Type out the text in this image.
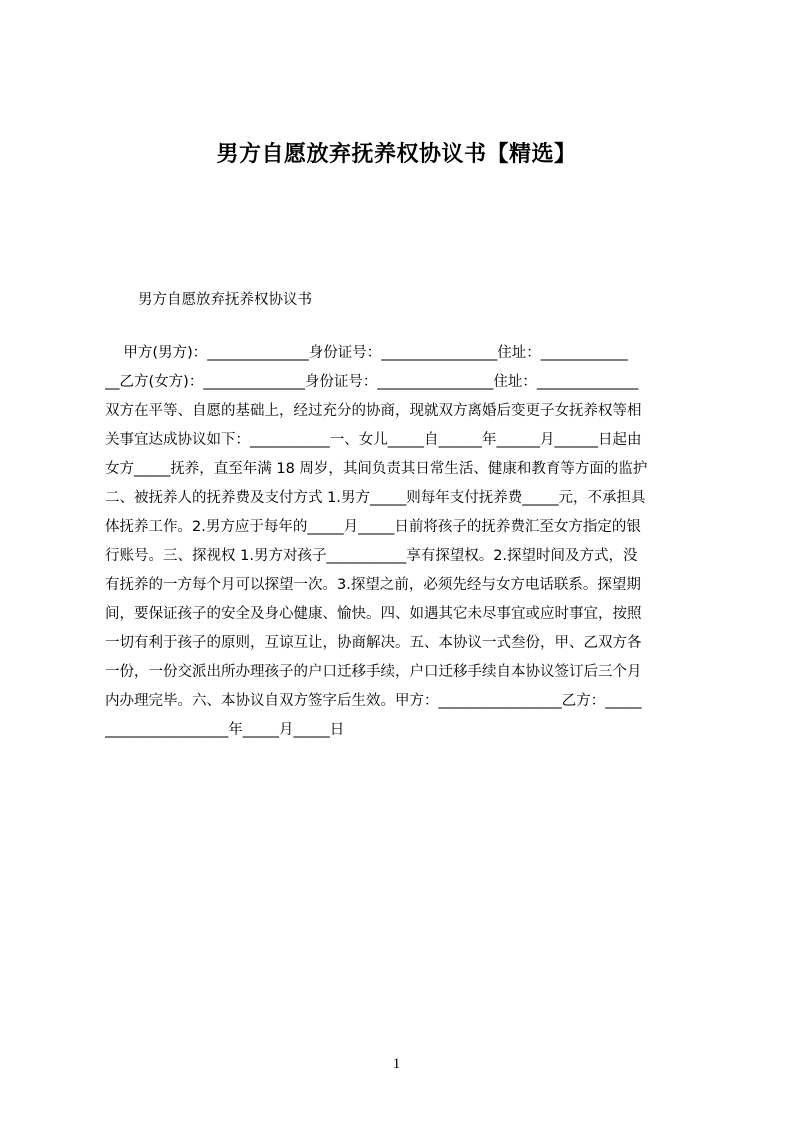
男方自愿放弃抚养权协议书【精选】

男方自愿放弃抚养权协议书

甲方(男方)：______________身份证号：________________住址：____________

__乙方(女方)：______________身份证号：________________住址：______________

双方在平等、自愿的基础上，经过充分的协商，现就双方离婚后变更子女抚养权等相

关事宜达成协议如下：___________一、女儿_____自______年______月______日起由

女方_____抚养，直至年满 18 周岁，其间负责其日常生活、健康和教育等方面的监护

二、被抚养人的抚养费及支付方式 1.男方_____则每年支付抚养费_____元，不承担具

体抚养工作。2.男方应于每年的_____月_____日前将孩子的抚养费汇至女方指定的银

行账号。三、探视权 1.男方对孩子___________享有探望权。2.探望时间及方式，没

有抚养的一方每个月可以探望一次。3.探望之前，必须先经与女方电话联系。探望期

间，要保证孩子的安全及身心健康、愉快。四、如遇其它未尽事宜或应时事宜，按照

一切有利于孩子的原则，互谅互让，协商解决。五、本协议一式叁份，甲、乙双方各

一份，一份交派出所办理孩子的户口迁移手续，户口迁移手续自本协议签订后三个月

内办理完毕。六、本协议自双方签字后生效。甲方：_________________乙方：_____

_________________年_____月_____日

1
